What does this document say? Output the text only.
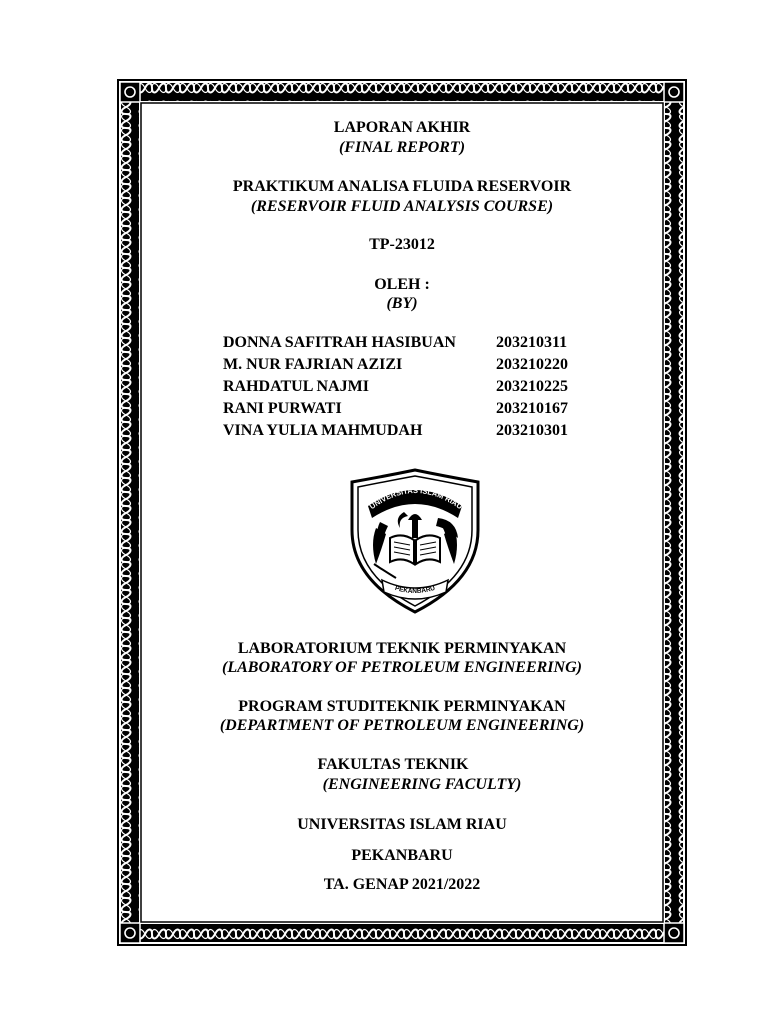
LAPORAN AKHIR
(FINAL REPORT)
PRAKTIKUM ANALISA FLUIDA RESERVOIR
(RESERVOIR FLUID ANALYSIS COURSE)
TP-23012
OLEH :
(BY)
DONNA SAFITRAH HASIBUAN	203210311
M. NUR FAJRIAN AZIZI	203210220
RAHDATUL NAJMI	203210225
RANI PURWATI	203210167
VINA YULIA MAHMUDAH	203210301
UNIVERSITAS ISLAM RIAU
PEKANBARU
LABORATORIUM TEKNIK PERMINYAKAN
(LABORATORY OF PETROLEUM ENGINEERING)
PROGRAM STUDITEKNIK PERMINYAKAN
(DEPARTMENT OF PETROLEUM ENGINEERING)
FAKULTAS TEKNIK
(ENGINEERING FACULTY)
UNIVERSITAS ISLAM RIAU
PEKANBARU
TA. GENAP 2021/2022
